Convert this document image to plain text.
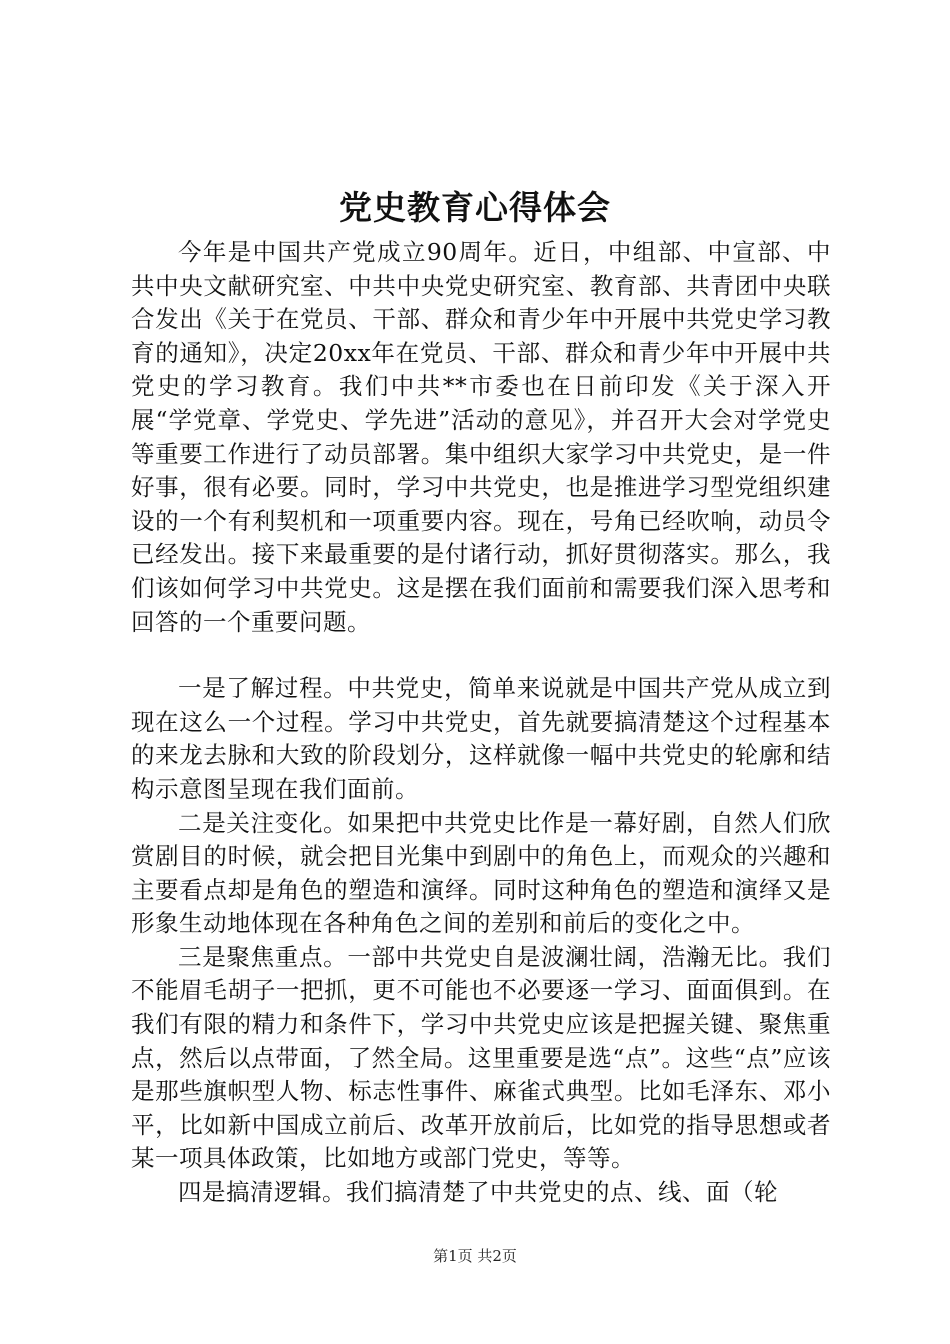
党史教育心得体会

今年是中国共产党成立90周年。近日，中组部、中宣部、中共中央文献研究室、中共中央党史研究室、教育部、共青团中央联合发出《关于在党员、干部、群众和青少年中开展中共党史学习教育的通知》，决定20xx年在党员、干部、群众和青少年中开展中共党史的学习教育。我们中共**市委也在日前印发《关于深入开展“学党章、学党史、学先进”活动的意见》，并召开大会对学党史等重要工作进行了动员部署。集中组织大家学习中共党史，是一件好事，很有必要。同时，学习中共党史，也是推进学习型党组织建设的一个有利契机和一项重要内容。现在，号角已经吹响，动员令已经发出。接下来最重要的是付诸行动，抓好贯彻落实。那么，我们该如何学习中共党史。这是摆在我们面前和需要我们深入思考和回答的一个重要问题。

一是了解过程。中共党史，简单来说就是中国共产党从成立到现在这么一个过程。学习中共党史，首先就要搞清楚这个过程基本的来龙去脉和大致的阶段划分，这样就像一幅中共党史的轮廓和结构示意图呈现在我们面前。

二是关注变化。如果把中共党史比作是一幕好剧，自然人们欣赏剧目的时候，就会把目光集中到剧中的角色上，而观众的兴趣和主要看点却是角色的塑造和演绎。同时这种角色的塑造和演绎又是形象生动地体现在各种角色之间的差别和前后的变化之中。

三是聚焦重点。一部中共党史自是波澜壮阔，浩瀚无比。我们不能眉毛胡子一把抓，更不可能也不必要逐一学习、面面俱到。在我们有限的精力和条件下，学习中共党史应该是把握关键、聚焦重点，然后以点带面，了然全局。这里重要是选“点”。这些“点”应该是那些旗帜型人物、标志性事件、麻雀式典型。比如毛泽东、邓小平，比如新中国成立前后、改革开放前后，比如党的指导思想或者某一项具体政策，比如地方或部门党史，等等。

四是搞清逻辑。我们搞清楚了中共党史的点、线、面（轮

第1页 共2页
